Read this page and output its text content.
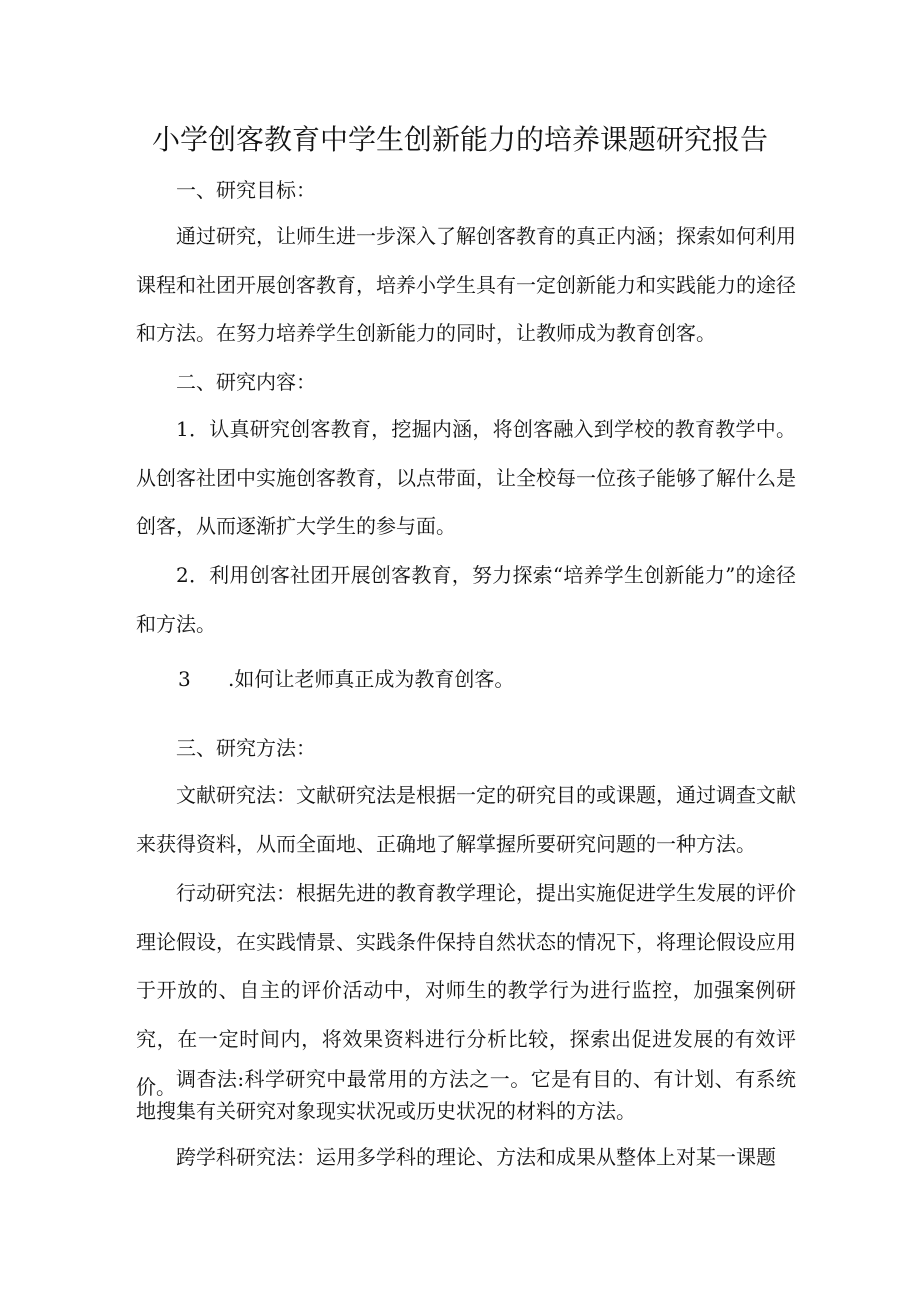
小学创客教育中学生创新能力的培养课题研究报告
一、研究目标：
通过研究，让师生进一步深入了解创客教育的真正内涵；探索如何利用课程和社团开展创客教育，培养小学生具有一定创新能力和实践能力的途径和方法。在努力培养学生创新能力的同时，让教师成为教育创客。
二、研究内容：
1．认真研究创客教育，挖掘内涵，将创客融入到学校的教育教学中。从创客社团中实施创客教育，以点带面，让全校每一位孩子能够了解什么是创客，从而逐渐扩大学生的参与面。
2．利用创客社团开展创客教育，努力探索“培养学生创新能力”的途径和方法。
3 .如何让老师真正成为教育创客。
三、研究方法：
文献研究法：文献研究法是根据一定的研究目的或课题，通过调查文献来获得资料，从而全面地、正确地了解掌握所要研究问题的一种方法。
行动研究法：根据先进的教育教学理论，提出实施促进学生发展的评价理论假设，在实践情景、实践条件保持自然状态的情况下，将理论假设应用于开放的、自主的评价活动中，对师生的教学行为进行监控，加强案例研究，在一定时间内，将效果资料进行分析比较，探索出促进发展的有效评价。 调杳法:科学研究中最常用的方法之一。它是有目的、有计划、有系统地搜集有关研究对象现实状况或历史状况的材料的方法。
跨学科研究法：运用多学科的理论、方法和成果从整体上对某一课题
